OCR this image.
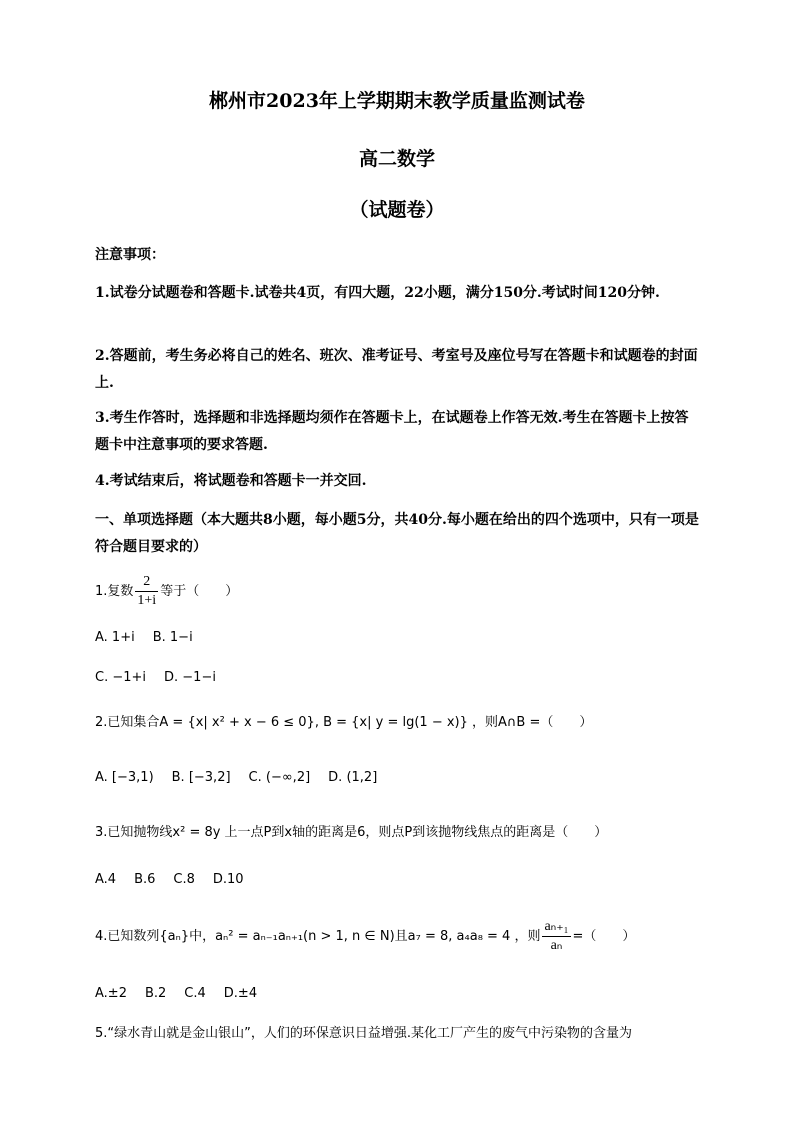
郴州市2023年上学期期末教学质量监测试卷
高二数学
（试题卷）
注意事项：
1.试卷分试题卷和答题卡.试卷共4页，有四大题，22小题，满分150分.考试时间120分钟.
2.答题前，考生务必将自己的姓名、班次、准考证号、考室号及座位号写在答题卡和试题卷的封面上.
3.考生作答时，选择题和非选择题均须作在答题卡上，在试题卷上作答无效.考生在答题卡上按答题卡中注意事项的要求答题.
4.考试结束后，将试题卷和答题卡一并交回.
一、单项选择题（本大题共8小题，每小题5分，共40分.每小题在给出的四个选项中，只有一项是符合题目要求的）
1.复数 $\frac{2}{1+i}$ 等于（　　）
A. 1+i B. 1−i
C. −1+i D. −1−i
2.已知集合A = {x| x² + x − 6 ≤ 0}, B = {x| y = lg(1 − x)} ，则A∩B =（　　）
A. [−3,1) B. [−3,2] C. (−∞,2] D. (1,2]
3.已知抛物线x² = 8y 上一点P到x轴的距离是6，则点P到该抛物线焦点的距离是（　　）
A.4 B.6 C.8 D.10
4.已知数列{aₙ}中，aₙ² = aₙ₋₁aₙ₊₁(n > 1, n ∈ N)且a₇ = 8, a₄a₈ = 4 ，则 $\frac{\text{aₙ₊₁}}{\text{aₙ}}$ =（　　）
A.±2 B.2 C.4 D.±4
5.“绿水青山就是金山银山”，人们的环保意识日益增强.某化工厂产生的废气中污染物的含量为
